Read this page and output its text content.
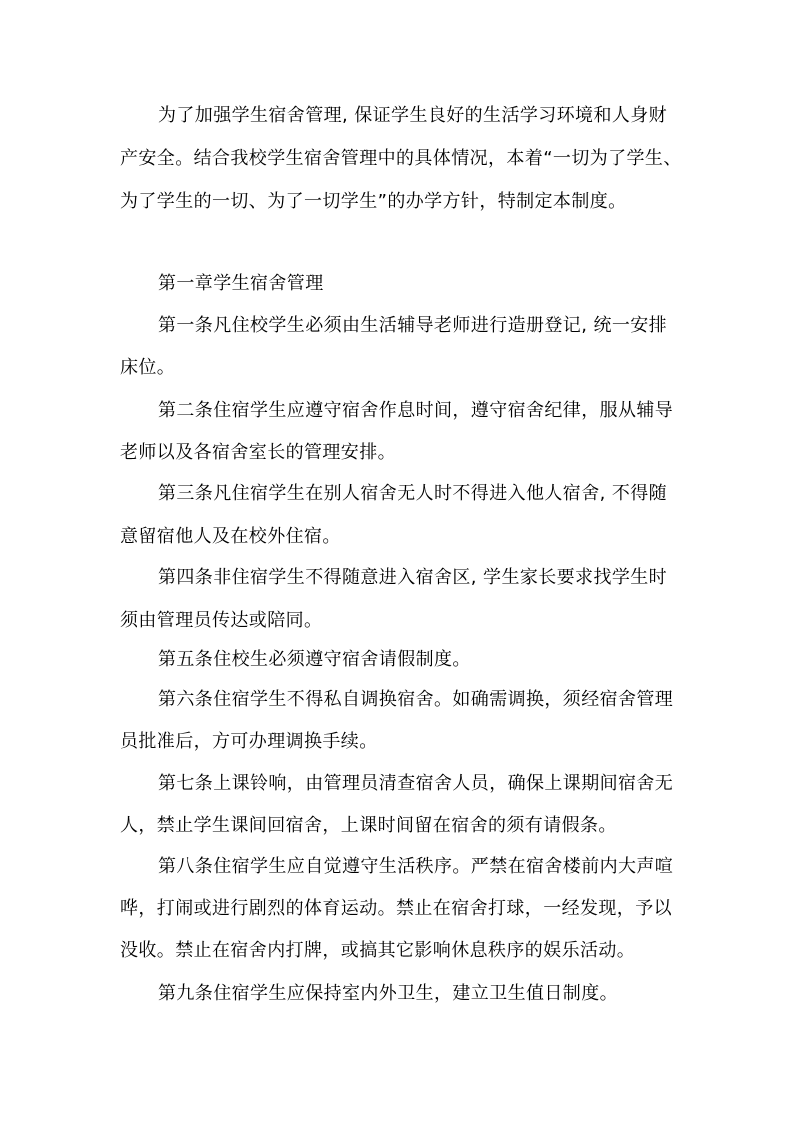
为了加强学生宿舍管理, 保证学生良好的生活学习环境和人身财
产安全。结合我校学生宿舍管理中的具体情况，本着“一切为了学生、
为了学生的一切、为了一切学生”的办学方针，特制定本制度。
第一章学生宿舍管理
第一条凡住校学生必须由生活辅导老师进行造册登记, 统一安排
床位。
第二条住宿学生应遵守宿舍作息时间，遵守宿舍纪律，服从辅导
老师以及各宿舍室长的管理安排。
第三条凡住宿学生在别人宿舍无人时不得进入他人宿舍, 不得随
意留宿他人及在校外住宿。
第四条非住宿学生不得随意进入宿舍区, 学生家长要求找学生时
须由管理员传达或陪同。
第五条住校生必须遵守宿舍请假制度。
第六条住宿学生不得私自调换宿舍。如确需调换，须经宿舍管理
员批准后，方可办理调换手续。
第七条上课铃响，由管理员清查宿舍人员，确保上课期间宿舍无
人，禁止学生课间回宿舍，上课时间留在宿舍的须有请假条。
第八条住宿学生应自觉遵守生活秩序。严禁在宿舍楼前内大声喧
哗，打闹或进行剧烈的体育运动。禁止在宿舍打球，一经发现，予以
没收。禁止在宿舍内打牌，或搞其它影响休息秩序的娱乐活动。
第九条住宿学生应保持室内外卫生，建立卫生值日制度。
